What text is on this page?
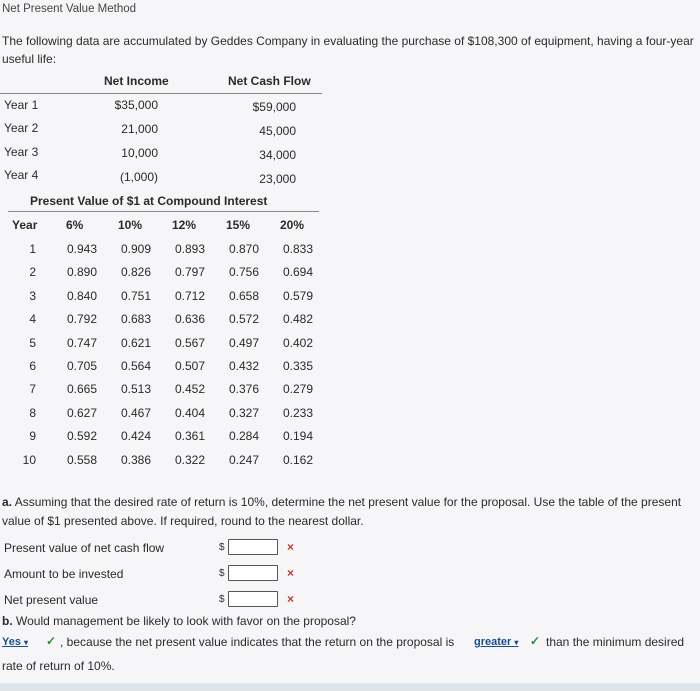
Net Present Value Method
The following data are accumulated by Geddes Company in evaluating the purchase of $108,300 of equipment, having a four-year useful life:
Net Income	Net Cash Flow
Year 1	$35,000	$59,000
Year 2	21,000	45,000
Year 3	10,000	34,000
Year 4	(1,000)	23,000
Present Value of $1 at Compound Interest
Year 6%	10% 12% 15% 20%
1	0.943	0.909	0.893	0.870	0.833
2	0.890	0.826	0.797	0.756	0.694
3	0.840	0.751	0.712	0.658	0.579
4	0.792	0.683	0.636	0.572	0.482
5	0.747	0.621	0.567	0.497	0.402
6	0.705	0.564	0.507	0.432	0.335
7	0.665	0.513	0.452	0.376	0.279
8	0.627	0.467	0.404	0.327	0.233
9	0.592	0.424	0.361	0.284	0.194
10	0.558	0.386	0.322	0.247	0.162
a. Assuming that the desired rate of return is 10%, determine the net present value for the proposal. Use the table of the present value of $1 presented above. If required, round to the nearest dollar.
Present value of net cash flow	$	×
Amount to be invested	$	×
Net present value	$	×
b. Would management be likely to look with favor on the proposal?
Yes ▾ ✓ , because the net present value indicates that the return on the proposal is greater ▾ ✓ than the minimum desired
rate of return of 10%.
